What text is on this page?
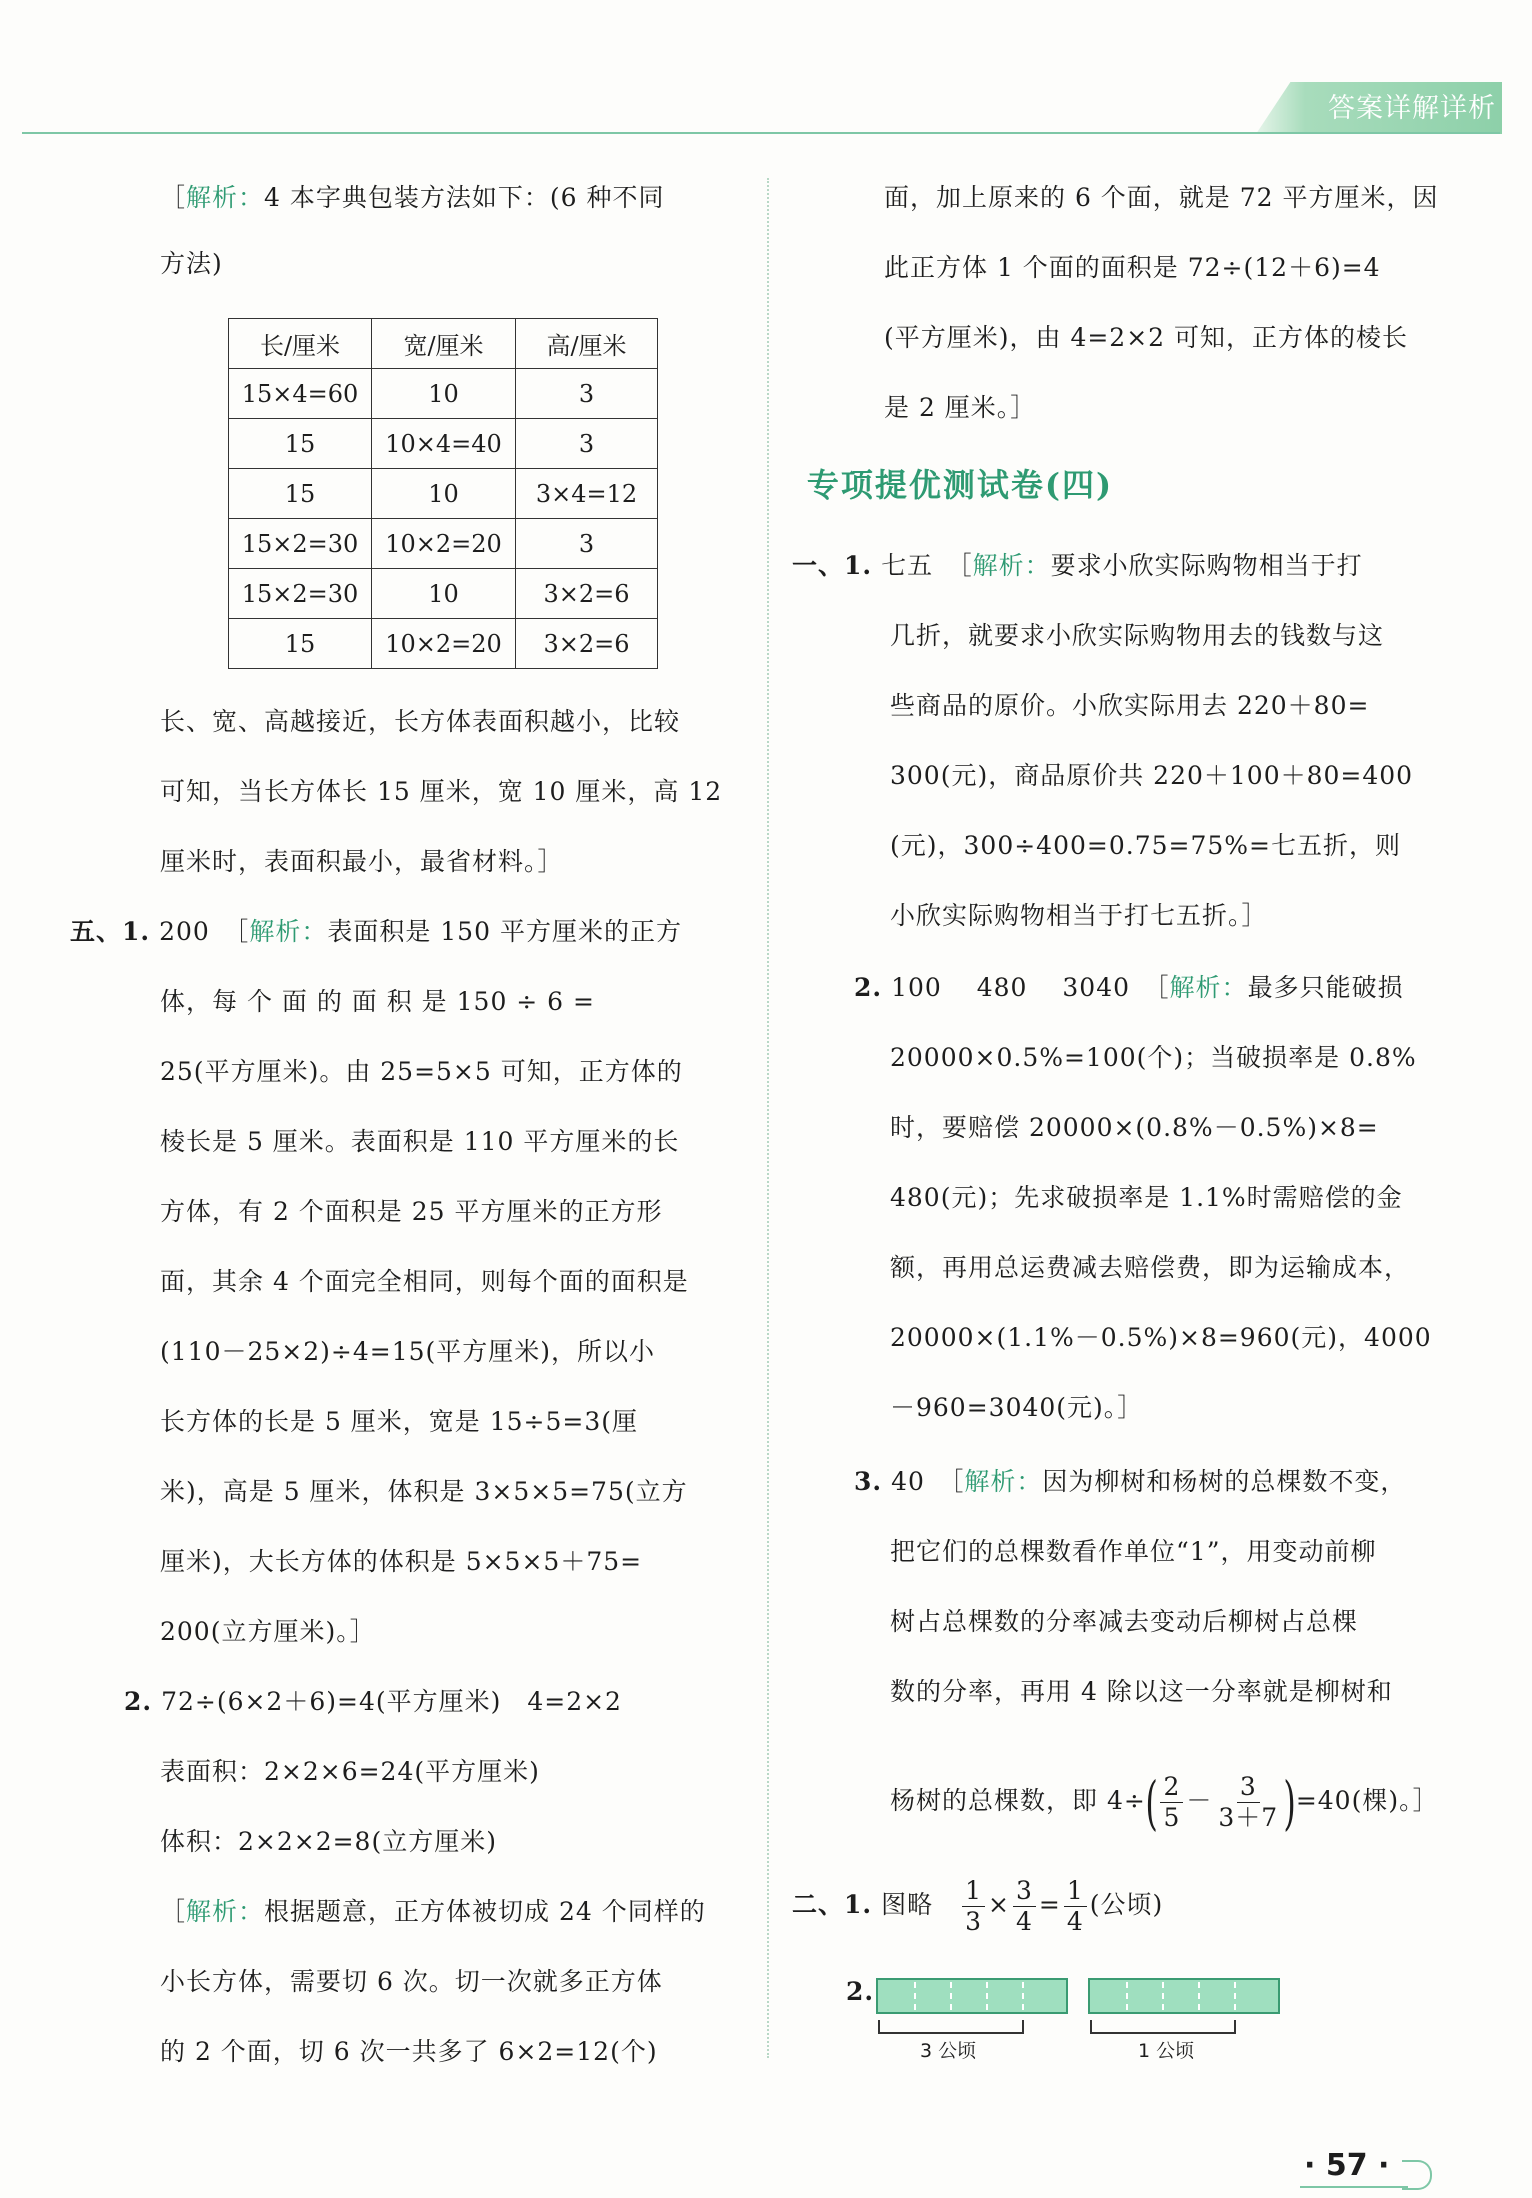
答案详解详析
［解析：4 本字典包装方法如下：(6 种不同
方法)
长/厘米	宽/厘米	高/厘米
15×4=60	10	3
15	10×4=40	3
15	10	3×4=12
15×2=30	10×2=20	3
15×2=30	10	3×2=6
15	10×2=20	3×2=6
长、宽、高越接近，长方体表面积越小，比较
可知，当长方体长 15 厘米，宽 10 厘米，高 12
厘米时，表面积最小，最省材料。］
五、1. 200　 ［解析：表面积是 150 平方厘米的正方
体，每 个 面 的 面 积 是 150 ÷ 6 =
25(平方厘米)。由 25=5×5 可知，正方体的
棱长是 5 厘米。表面积是 110 平方厘米的长
方体，有 2 个面积是 25 平方厘米的正方形
面，其余 4 个面完全相同，则每个面的面积是
(110－25×2)÷4=15(平方厘米)，所以小
长方体的长是 5 厘米，宽是 15÷5=3(厘
米)，高是 5 厘米，体积是 3×5×5=75(立方
厘米)，大长方体的体积是 5×5×5＋75=
200(立方厘米)。］
2. 72÷(6×2＋6)=4(平方厘米)　4=2×2
表面积：2×2×6=24(平方厘米)
体积：2×2×2=8(立方厘米)
［解析：根据题意，正方体被切成 24 个同样的
小长方体，需要切 6 次。切一次就多正方体
的 2 个面，切 6 次一共多了 6×2=12(个)
面，加上原来的 6 个面，就是 72 平方厘米，因
此正方体 1 个面的面积是 72÷(12＋6)=4
(平方厘米)，由 4=2×2 可知，正方体的棱长
是 2 厘米。］
专项提优测试卷(四)
一、1. 七五　 ［解析：要求小欣实际购物相当于打
几折，就要求小欣实际购物用去的钱数与这
些商品的原价。小欣实际用去 220＋80=
300(元)，商品原价共 220＋100＋80=400
(元)，300÷400=0.75=75%=七五折，则
小欣实际购物相当于打七五折。］
2. 100　 480　 3040　 ［解析：最多只能破损
20000×0.5%=100(个)；当破损率是 0.8%
时，要赔偿 20000×(0.8%－0.5%)×8=
480(元)；先求破损率是 1.1%时需赔偿的金
额，再用总运费减去赔偿费，即为运输成本，
20000×(1.1%－0.5%)×8=960(元)，4000
－960=3040(元)。］
3. 40　 ［解析：因为柳树和杨树的总棵数不变，
把它们的总棵数看作单位“1”，用变动前柳
树占总棵数的分率减去变动后柳树占总棵
数的分率，再用 4 除以这一分率就是柳树和
杨树的总棵数，即 $4\div( \frac{2}{5} - \frac{3}{3+7} )=40$(棵)。］
二、1. 图略　 $\frac{1}{3} \times \frac{3}{4} = \frac{1}{4}$ (公顷)
2.
3 公顷	1 公顷
· 57 ·
